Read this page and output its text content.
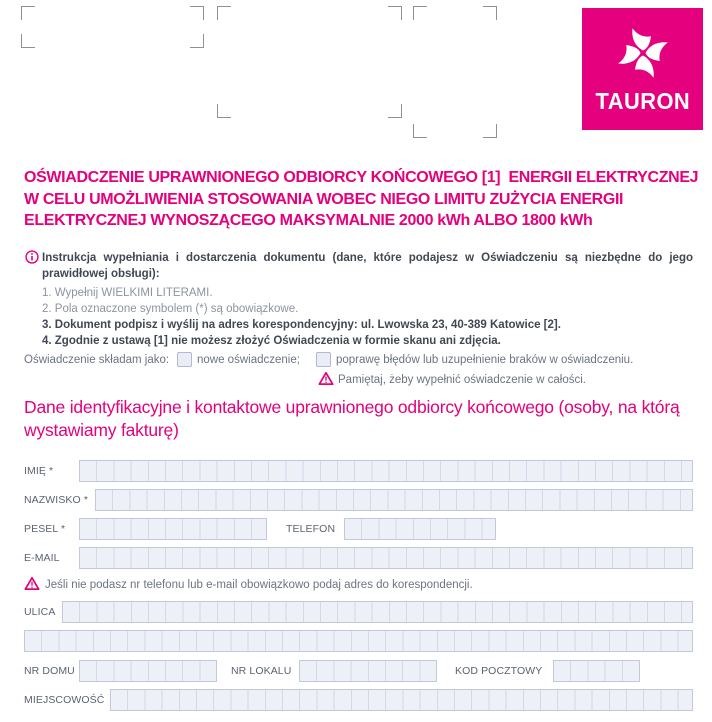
TAURON
OŚWIADCZENIE UPRAWNIONEGO ODBIORCY KOŃCOWEGO [1]  ENERGII ELEKTRYCZNEJ
W CELU UMOŻLIWIENIA STOSOWANIA WOBEC NIEGO LIMITU ZUŻYCIA ENERGII
ELEKTRYCZNEJ WYNOSZĄCEGO MAKSYMALNIE 2000 kWh ALBO 1800 kWh
Instrukcja wypełniania i dostarczenia dokumentu (dane, które podajesz w Oświadczeniu są niezbędne do jego
prawidłowej obsługi):
1. Wypełnij WIELKIMI LITERAMI.
2. Pola oznaczone symbolem (*) są obowiązkowe.
3. Dokument podpisz i wyślij na adres korespondencyjny: ul. Lwowska 23, 40-389 Katowice [2].
4. Zgodnie z ustawą [1] nie możesz złożyć Oświadczenia w formie skanu ani zdjęcia.
Oświadczenie składam jako: nowe oświadczenie;	poprawę błędów lub uzupełnienie braków w oświadczeniu.
Pamiętaj, żeby wypełnić oświadczenie w całości.
Dane identyfikacyjne i kontaktowe uprawnionego odbiorcy końcowego (osoby, na którą
wystawiamy fakturę)
IMIĘ *
NAZWISKO *
PESEL *	TELEFON
E-MAIL
Jeśli nie podasz nr telefonu lub e-mail obowiązkowo podaj adres do korespondencji.
ULICA
NR DOMU	NR LOKALU	KOD POCZTOWY
MIEJSCOWOŚĆ
